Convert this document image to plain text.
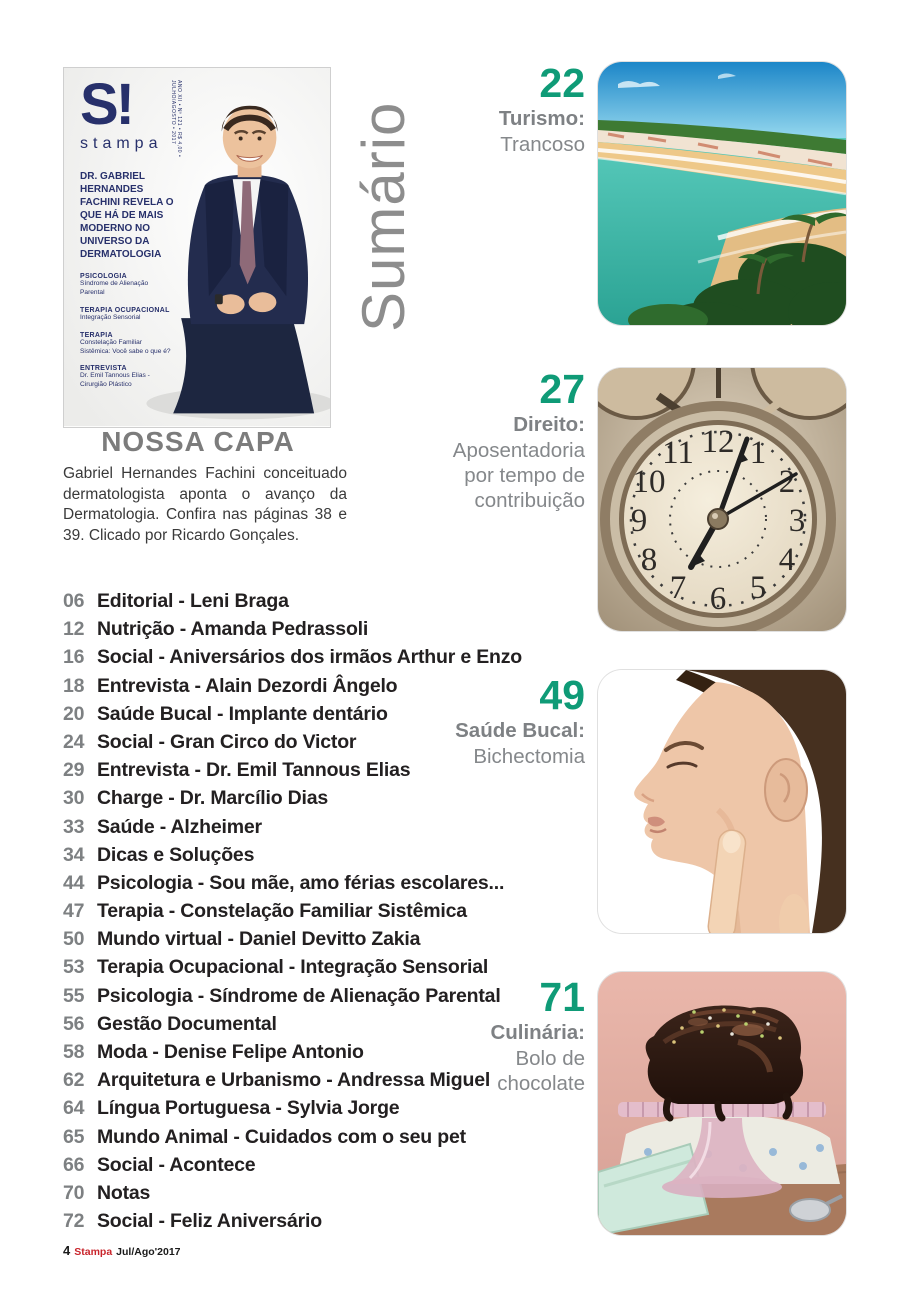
Sumário
S!
stampa	ANO XII • Nº 121 • R$ 4,00 • JULHO/AGOSTO • 2017
DR. GABRIEL HERNANDES FACHINI REVELA O QUE HÁ DE MAIS MODERNO NO UNIVERSO DA DERMATOLOGIA
PSICOLOGIA
Síndrome de Alienação Parental
TERAPIA OCUPACIONAL
Integração Sensorial
TERAPIA
Constelação Familiar Sistêmica: Você sabe o que é?
ENTREVISTA
Dr. Emil Tannous Elias - Cirurgião Plástico
NOSSA CAPA
Gabriel Hernandes Fachini conceituado dermatologista aponta o avanço da Dermatologia. Confira nas páginas 38 e 39. Clicado por Ricardo Gonçales.
06 Editorial - Leni Braga
12 Nutrição - Amanda Pedrassoli
16 Social - Aniversários dos irmãos Arthur e Enzo
18 Entrevista - Alain Dezordi Ângelo
20 Saúde Bucal - Implante dentário
24 Social - Gran Circo do Victor
29 Entrevista - Dr. Emil Tannous Elias
30 Charge - Dr. Marcílio Dias
33 Saúde - Alzheimer
34 Dicas e Soluções
44 Psicologia - Sou mãe, amo férias escolares...
47 Terapia - Constelação Familiar Sistêmica
50 Mundo virtual - Daniel Devitto Zakia
53 Terapia Ocupacional - Integração Sensorial
55 Psicologia - Síndrome de Alienação Parental
56 Gestão Documental
58 Moda - Denise Felipe Antonio
62 Arquitetura e Urbanismo - Andressa Miguel
64 Língua Portuguesa - Sylvia Jorge
65 Mundo Animal - Cuidados com o seu pet
66 Social - Acontece
70 Notas
72 Social - Feliz Aniversário
22
Turismo:
Trancoso
27
Direito:
Aposentadoria
por tempo de
contribuição
49
Saúde Bucal:
Bichectomia
71
Culinária:
Bolo de
chocolate
12 1
2
3
4
5
6
7
8
9
10
11
4 Stampa Jul/Ago'2017
